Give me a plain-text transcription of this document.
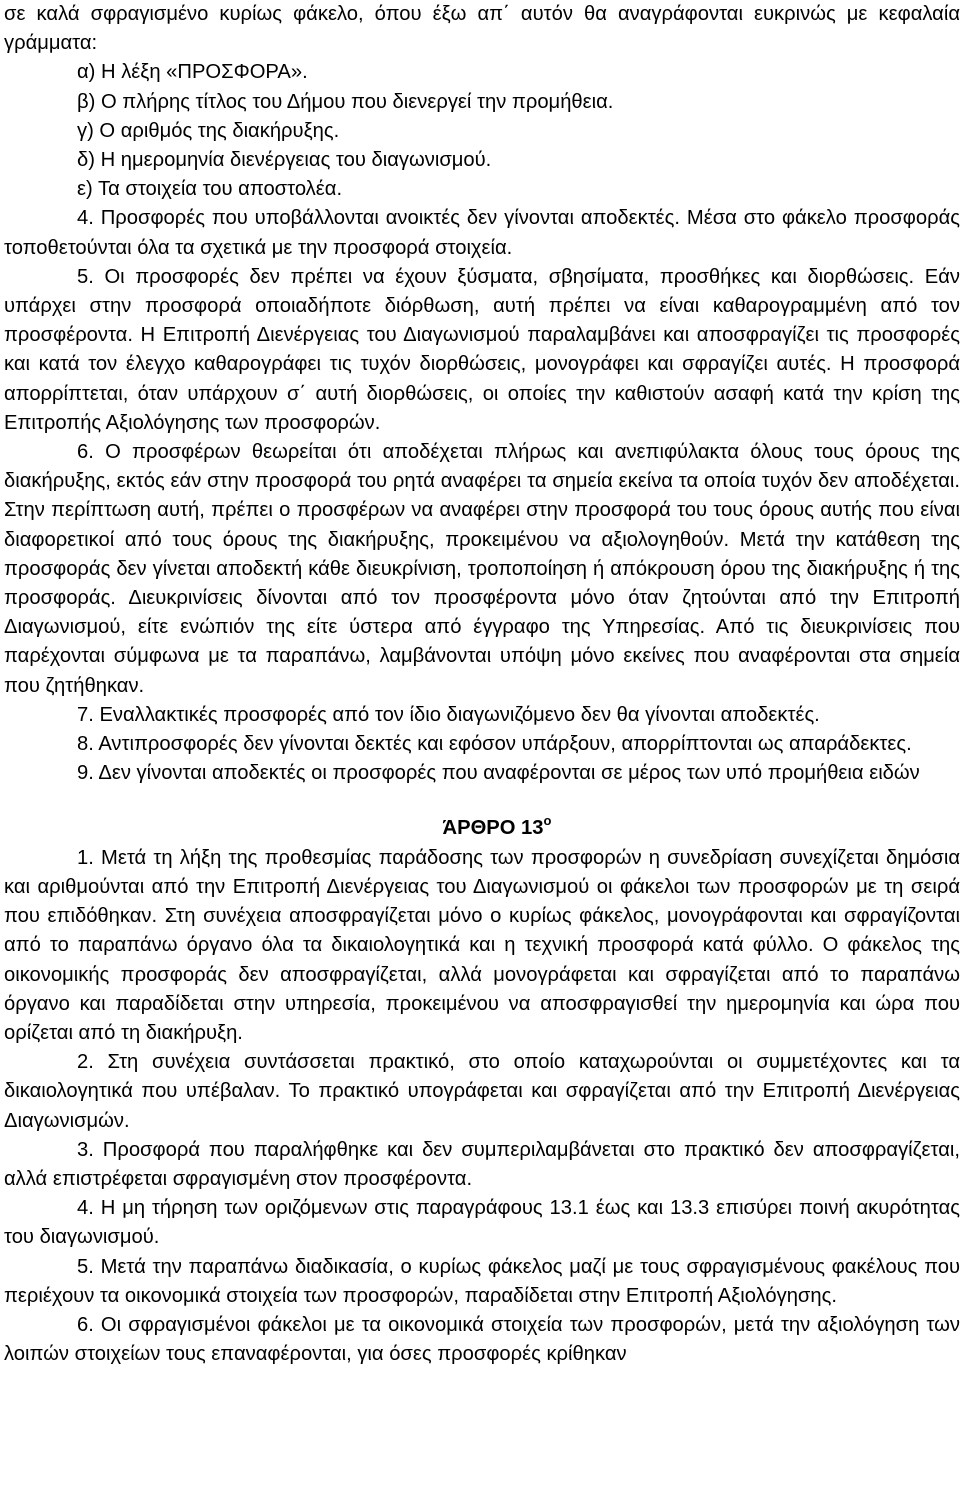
σε καλά σφραγισμένο κυρίως φάκελο, όπου έξω απ΄ αυτόν θα αναγράφονται ευκρινώς με κεφαλαία γράμματα:

α) Η λέξη «ΠΡΟΣΦΟΡΑ».

β) Ο πλήρης τίτλος του Δήμου που διενεργεί την προμήθεια.

γ) Ο αριθμός της διακήρυξης.

δ) Η ημερομηνία διενέργειας του διαγωνισμού.

ε) Τα στοιχεία του αποστολέα.

4. Προσφορές που υποβάλλονται ανοικτές δεν γίνονται αποδεκτές. Μέσα στο φάκελο προσφοράς τοποθετούνται όλα τα σχετικά με την προσφορά στοιχεία.

5. Οι προσφορές δεν πρέπει να έχουν ξύσματα, σβησίματα, προσθήκες και διορθώσεις. Εάν υπάρχει στην προσφορά οποιαδήποτε διόρθωση, αυτή πρέπει να είναι καθαρογραμμένη από τον προσφέροντα. Η Επιτροπή Διενέργειας του Διαγωνισμού παραλαμβάνει και αποσφραγίζει τις προσφορές και κατά τον έλεγχο καθαρογράφει τις τυχόν διορθώσεις, μονογράφει και σφραγίζει αυτές. Η προσφορά απορρίπτεται, όταν υπάρχουν σ΄ αυτή διορθώσεις, οι οποίες την καθιστούν ασαφή κατά την κρίση της Επιτροπής Αξιολόγησης των προσφορών.

6. Ο προσφέρων θεωρείται ότι αποδέχεται πλήρως και ανεπιφύλακτα όλους τους όρους της διακήρυξης, εκτός εάν στην προσφορά του ρητά αναφέρει τα σημεία εκείνα τα οποία τυχόν δεν αποδέχεται. Στην περίπτωση αυτή, πρέπει ο προσφέρων να αναφέρει στην προσφορά του τους όρους αυτής που είναι διαφορετικοί από τους όρους της διακήρυξης, προκειμένου να αξιολογηθούν. Μετά την κατάθεση της προσφοράς δεν γίνεται αποδεκτή κάθε διευκρίνιση, τροποποίηση ή απόκρουση όρου της διακήρυξης ή της προσφοράς. Διευκρινίσεις δίνονται από τον προσφέροντα μόνο όταν ζητούνται από την Επιτροπή Διαγωνισμού, είτε ενώπιόν της είτε ύστερα από έγγραφο της Υπηρεσίας. Από τις διευκρινίσεις που παρέχονται σύμφωνα με τα παραπάνω, λαμβάνονται υπόψη μόνο εκείνες που αναφέρονται στα σημεία που ζητήθηκαν.

7. Εναλλακτικές προσφορές από τον ίδιο διαγωνιζόμενο δεν θα γίνονται αποδεκτές.

8. Αντιπροσφορές δεν γίνονται δεκτές και εφόσον υπάρξουν, απορρίπτονται ως απαράδεκτες.

9. Δεν γίνονται αποδεκτές οι προσφορές που αναφέρονται σε μέρος των υπό προμήθεια ειδών

ΆΡΘΡΟ $13^o$

1. Μετά τη λήξη της προθεσμίας παράδοσης των προσφορών η συνεδρίαση συνεχίζεται δημόσια και αριθμούνται από την Επιτροπή Διενέργειας του Διαγωνισμού οι φάκελοι των προσφορών με τη σειρά που επιδόθηκαν. Στη συνέχεια αποσφραγίζεται μόνο ο κυρίως φάκελος, μονογράφονται και σφραγίζονται από το παραπάνω όργανο όλα τα δικαιολογητικά και η τεχνική προσφορά κατά φύλλο. Ο φάκελος της οικονομικής προσφοράς δεν αποσφραγίζεται, αλλά μονογράφεται και σφραγίζεται από το παραπάνω όργανο και παραδίδεται στην υπηρεσία, προκειμένου να αποσφραγισθεί την ημερομηνία και ώρα που ορίζεται από τη διακήρυξη.

2. Στη συνέχεια συντάσσεται πρακτικό, στο οποίο καταχωρούνται οι συμμετέχοντες και τα δικαιολογητικά που υπέβαλαν. Το πρακτικό υπογράφεται και σφραγίζεται από την Επιτροπή Διενέργειας Διαγωνισμών.

3. Προσφορά που παραλήφθηκε και δεν συμπεριλαμβάνεται στο πρακτικό δεν αποσφραγίζεται, αλλά επιστρέφεται σφραγισμένη στον προσφέροντα.

4. Η μη τήρηση των οριζόμενων στις παραγράφους 13.1 έως και 13.3 επισύρει ποινή ακυρότητας του διαγωνισμού.

5. Μετά την παραπάνω διαδικασία, ο κυρίως φάκελος μαζί με τους σφραγισμένους φακέλους που περιέχουν τα οικονομικά στοιχεία των προσφορών, παραδίδεται στην Επιτροπή Αξιολόγησης.

6. Οι σφραγισμένοι φάκελοι με τα οικονομικά στοιχεία των προσφορών, μετά την αξιολόγηση των λοιπών στοιχείων τους επαναφέρονται, για όσες προσφορές κρίθηκαν
